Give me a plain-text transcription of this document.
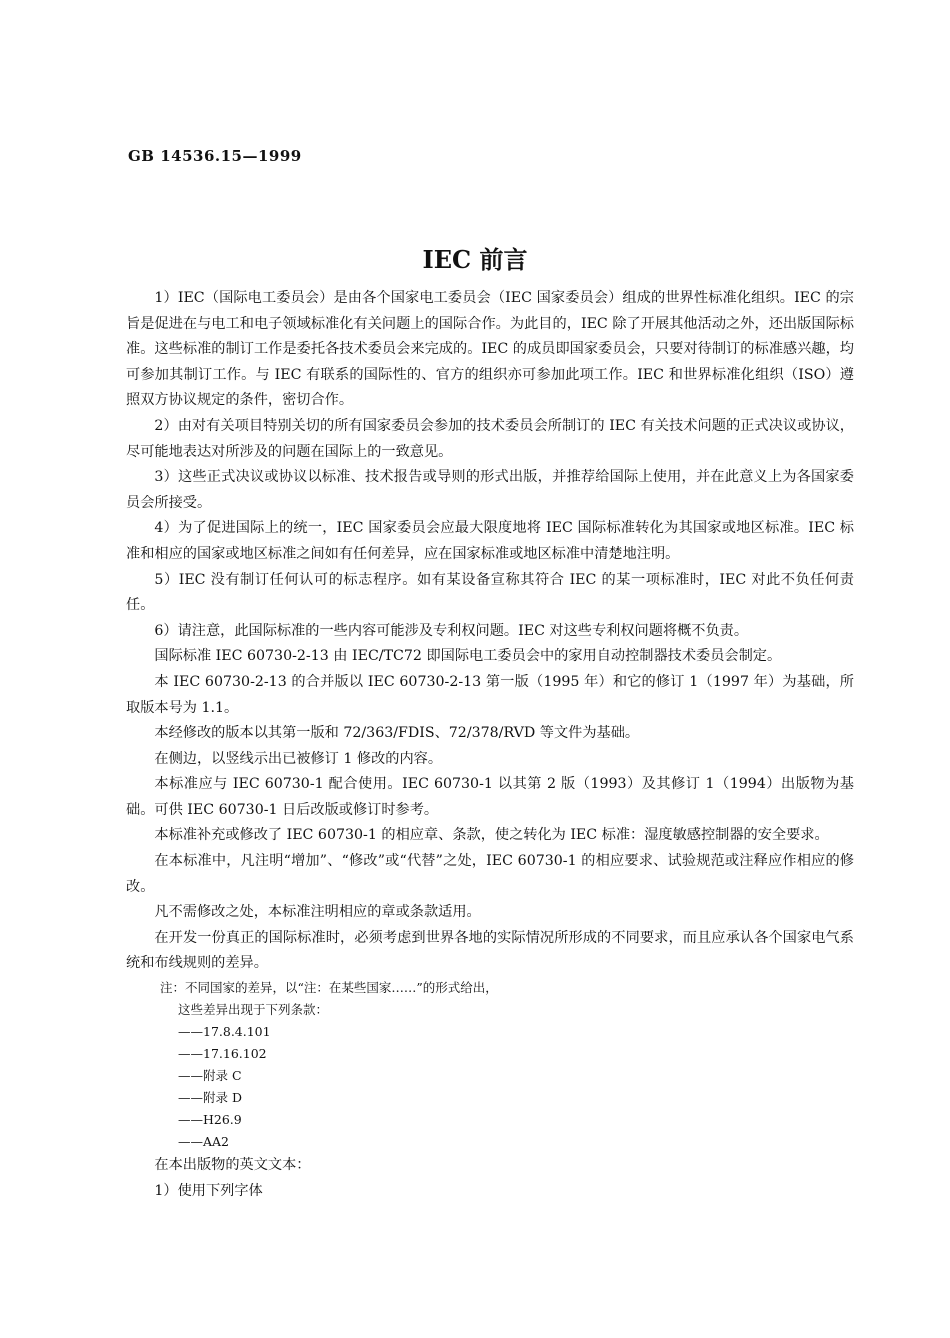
GB 14536.15—1999
IEC 前言

1）IEC（国际电工委员会）是由各个国家电工委员会（IEC 国家委员会）组成的世界性标准化组织。IEC 的宗旨是促进在与电工和电子领域标准化有关问题上的国际合作。为此目的，IEC 除了开展其他活动之外，还出版国际标准。这些标准的制订工作是委托各技术委员会来完成的。IEC 的成员即国家委员会，只要对待制订的标准感兴趣，均可参加其制订工作。与 IEC 有联系的国际性的、官方的组织亦可参加此项工作。IEC 和世界标准化组织（ISO）遵照双方协议规定的条件，密切合作。

2）由对有关项目特别关切的所有国家委员会参加的技术委员会所制订的 IEC 有关技术问题的正式决议或协议，尽可能地表达对所涉及的问题在国际上的一致意见。

3）这些正式决议或协议以标准、技术报告或导则的形式出版，并推荐给国际上使用，并在此意义上为各国家委员会所接受。

4）为了促进国际上的统一，IEC 国家委员会应最大限度地将 IEC 国际标准转化为其国家或地区标准。IEC 标准和相应的国家或地区标准之间如有任何差异，应在国家标准或地区标准中清楚地注明。

5）IEC 没有制订任何认可的标志程序。如有某设备宣称其符合 IEC 的某一项标准时，IEC 对此不负任何责任。

6）请注意，此国际标准的一些内容可能涉及专利权问题。IEC 对这些专利权问题将概不负责。

国际标准 IEC 60730-2-13 由 IEC/TC72 即国际电工委员会中的家用自动控制器技术委员会制定。

本 IEC 60730-2-13 的合并版以 IEC 60730-2-13 第一版（1995 年）和它的修订 1（1997 年）为基础，所取版本号为 1.1。

本经修改的版本以其第一版和 72/363/FDIS、72/378/RVD 等文件为基础。

在侧边，以竖线示出已被修订 1 修改的内容。

本标准应与 IEC 60730-1 配合使用。IEC 60730-1 以其第 2 版（1993）及其修订 1（1994）出版物为基础。可供 IEC 60730-1 日后改版或修订时参考。

本标准补充或修改了 IEC 60730-1 的相应章、条款，使之转化为 IEC 标准：湿度敏感控制器的安全要求。

在本标准中，凡注明“增加”、“修改”或“代替”之处，IEC 60730-1 的相应要求、试验规范或注释应作相应的修改。

凡不需修改之处，本标准注明相应的章或条款适用。

在开发一份真正的国际标准时，必须考虑到世界各地的实际情况所形成的不同要求，而且应承认各个国家电气系统和布线规则的差异。

注：不同国家的差异，以“注：在某些国家……”的形式给出，
这些差异出现于下列条款：
——17.8.4.101
——17.16.102
——附录 C
——附录 D
——H26.9
——AA2

在本出版物的英文文本：

1）使用下列字体
